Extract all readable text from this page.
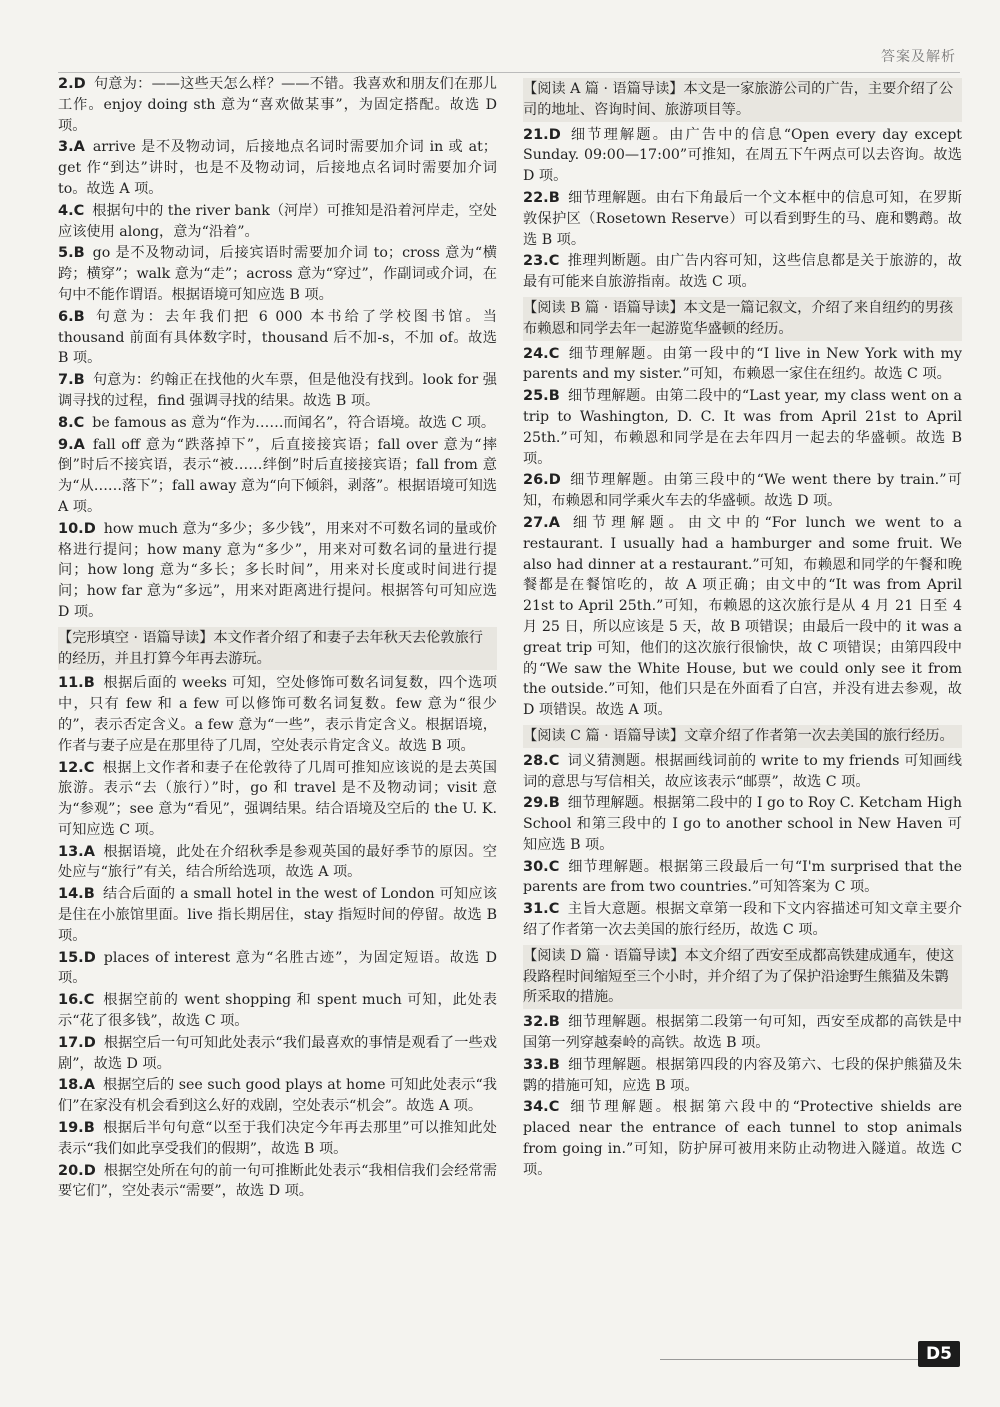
答案及解析
2.D 句意为：——这些天怎么样？——不错。我喜欢和朋友们在那儿工作。enjoy doing sth 意为“喜欢做某事”，为固定搭配。故选 D 项。
3.A arrive 是不及物动词，后接地点名词时需要加介词 in 或 at；get 作“到达”讲时，也是不及物动词，后接地点名词时需要加介词 to。故选 A 项。
4.C 根据句中的 the river bank（河岸）可推知是沿着河岸走，空处应该使用 along，意为“沿着”。
5.B go 是不及物动词，后接宾语时需要加介词 to；cross 意为“横跨；横穿”；walk 意为“走”；across 意为“穿过”，作副词或介词，在句中不能作谓语。根据语境可知应选 B 项。
6.B 句意为：去年我们把 6 000 本书给了学校图书馆。当 thousand 前面有具体数字时，thousand 后不加-s，不加 of。故选 B 项。
7.B 句意为：约翰正在找他的火车票，但是他没有找到。look for 强调寻找的过程，find 强调寻找的结果。故选 B 项。
8.C be famous as 意为“作为……而闻名”，符合语境。故选 C 项。
9.A fall off 意为“跌落掉下”，后直接接宾语；fall over 意为“摔倒”时后不接宾语，表示“被……绊倒”时后直接接宾语；fall from 意为“从……落下”；fall away 意为“向下倾斜，剥落”。根据语境可知选 A 项。
10.D how much 意为“多少；多少钱”，用来对不可数名词的量或价格进行提问；how many 意为“多少”，用来对可数名词的量进行提问；how long 意为“多长；多长时间”，用来对长度或时间进行提问；how far 意为“多远”，用来对距离进行提问。根据答句可知应选 D 项。
【完形填空 · 语篇导读】本文作者介绍了和妻子去年秋天去伦敦旅行的经历，并且打算今年再去游玩。
11.B 根据后面的 weeks 可知，空处修饰可数名词复数，四个选项中，只有 few 和 a few 可以修饰可数名词复数。few 意为“很少的”，表示否定含义。a few 意为“一些”，表示肯定含义。根据语境，作者与妻子应是在那里待了几周，空处表示肯定含义。故选 B 项。
12.C 根据上文作者和妻子在伦敦待了几周可推知应该说的是去英国旅游。表示“去（旅行）”时，go 和 travel 是不及物动词；visit 意为“参观”；see 意为“看见”，强调结果。结合语境及空后的 the U. K. 可知应选 C 项。
13.A 根据语境，此处在介绍秋季是参观英国的最好季节的原因。空处应与“旅行”有关，结合所给选项，故选 A 项。
14.B 结合后面的 a small hotel in the west of London 可知应该是住在小旅馆里面。live 指长期居住，stay 指短时间的停留。故选 B 项。
15.D places of interest 意为“名胜古迹”，为固定短语。故选 D 项。
16.C 根据空前的 went shopping 和 spent much 可知，此处表示“花了很多钱”，故选 C 项。
17.D 根据空后一句可知此处表示“我们最喜欢的事情是观看了一些戏剧”，故选 D 项。
18.A 根据空后的 see such good plays at home 可知此处表示“我们”在家没有机会看到这么好的戏剧，空处表示“机会”。故选 A 项。
19.B 根据后半句句意“以至于我们决定今年再去那里”可以推知此处表示“我们如此享受我们的假期”，故选 B 项。
20.D 根据空处所在句的前一句可推断此处表示“我相信我们会经常需要它们”，空处表示“需要”，故选 D 项。
【阅读 A 篇 · 语篇导读】本文是一家旅游公司的广告，主要介绍了公司的地址、咨询时间、旅游项目等。
21.D 细节理解题。由广告中的信息“Open every day except Sunday. 09:00—17:00”可推知，在周五下午两点可以去咨询。故选 D 项。
22.B 细节理解题。由右下角最后一个文本框中的信息可知，在罗斯敦保护区（Rosetown Reserve）可以看到野生的马、鹿和鹦鹉。故选 B 项。
23.C 推理判断题。由广告内容可知，这些信息都是关于旅游的，故最有可能来自旅游指南。故选 C 项。
【阅读 B 篇 · 语篇导读】本文是一篇记叙文，介绍了来自纽约的男孩布赖恩和同学去年一起游览华盛顿的经历。
24.C 细节理解题。由第一段中的“I live in New York with my parents and my sister.”可知，布赖恩一家住在纽约。故选 C 项。
25.B 细节理解题。由第二段中的“Last year, my class went on a trip to Washington, D. C. It was from April 21st to April 25th.”可知，布赖恩和同学是在去年四月一起去的华盛顿。故选 B 项。
26.D 细节理解题。由第三段中的“We went there by train.”可知，布赖恩和同学乘火车去的华盛顿。故选 D 项。
27.A 细节理解题。由文中的“For lunch we went to a restaurant. I usually had a hamburger and some fruit. We also had dinner at a restaurant.”可知，布赖恩和同学的午餐和晚餐都是在餐馆吃的，故 A 项正确；由文中的“It was from April 21st to April 25th.”可知，布赖恩的这次旅行是从 4 月 21 日至 4 月 25 日，所以应该是 5 天，故 B 项错误；由最后一段中的 it was a great trip 可知，他们的这次旅行很愉快，故 C 项错误；由第四段中的“We saw the White House, but we could only see it from the outside.”可知，他们只是在外面看了白宫，并没有进去参观，故 D 项错误。故选 A 项。
【阅读 C 篇 · 语篇导读】文章介绍了作者第一次去美国的旅行经历。
28.C 词义猜测题。根据画线词前的 write to my friends 可知画线词的意思与写信相关，故应该表示“邮票”，故选 C 项。
29.B 细节理解题。根据第二段中的 I go to Roy C. Ketcham High School 和第三段中的 I go to another school in New Haven 可知应选 B 项。
30.C 细节理解题。根据第三段最后一句“I'm surprised that the parents are from two countries.”可知答案为 C 项。
31.C 主旨大意题。根据文章第一段和下文内容描述可知文章主要介绍了作者第一次去美国的旅行经历，故选 C 项。
【阅读 D 篇 · 语篇导读】本文介绍了西安至成都高铁建成通车，使这段路程时间缩短至三个小时，并介绍了为了保护沿途野生熊猫及朱鹮所采取的措施。
32.B 细节理解题。根据第二段第一句可知，西安至成都的高铁是中国第一列穿越秦岭的高铁。故选 B 项。
33.B 细节理解题。根据第四段的内容及第六、七段的保护熊猫及朱鹮的措施可知，应选 B 项。
34.C 细节理解题。根据第六段中的“Protective shields are placed near the entrance of each tunnel to stop animals from going in.”可知，防护屏可被用来防止动物进入隧道。故选 C 项。
D5
